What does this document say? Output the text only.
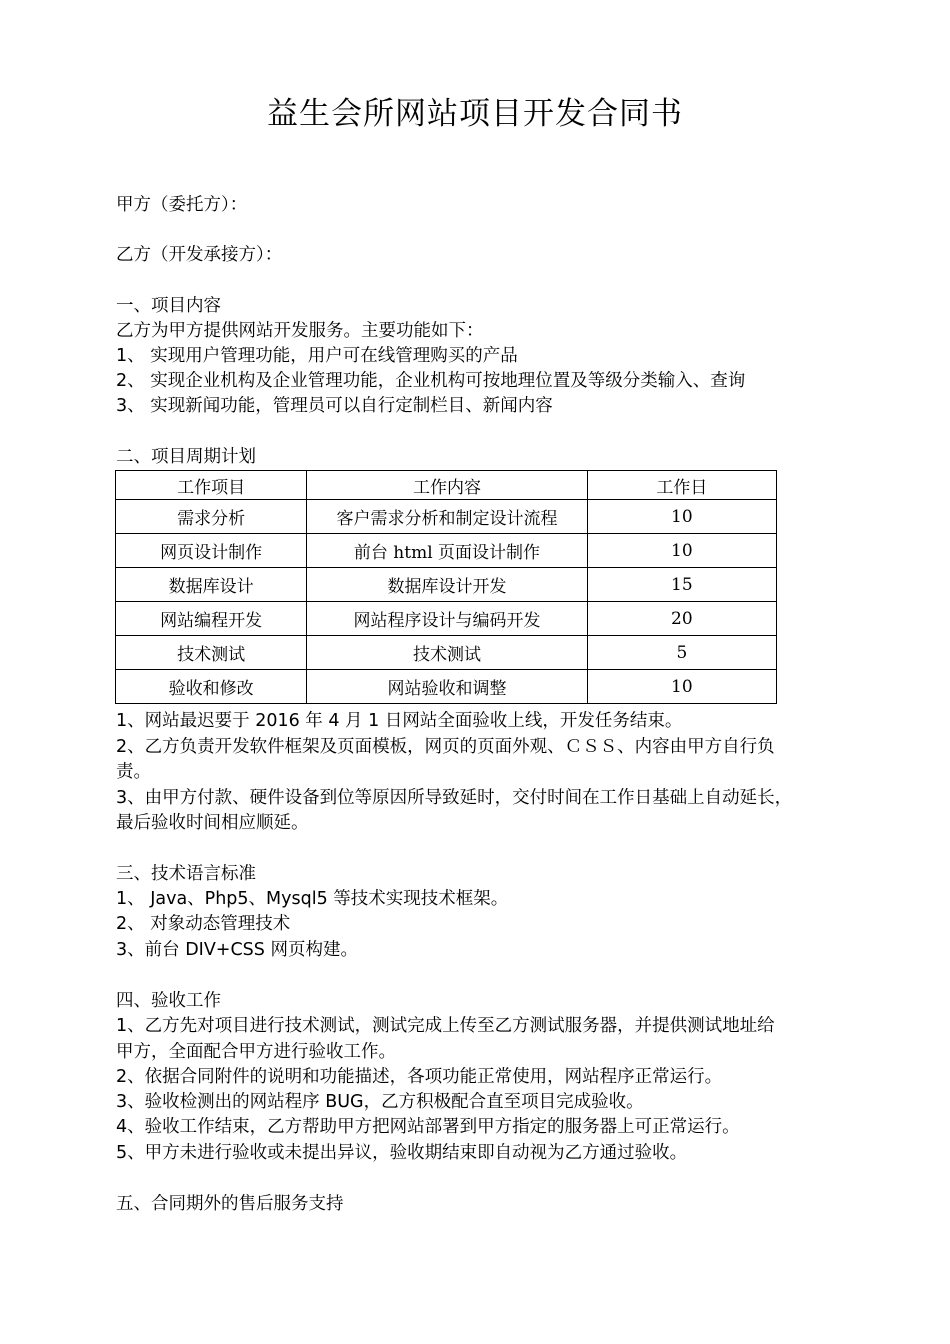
益生会所网站项目开发合同书

甲方（委托方）：

乙方（开发承接方）：

一、项目内容

乙方为甲方提供网站开发服务。主要功能如下：

1、 实现用户管理功能，用户可在线管理购买的产品

2、 实现企业机构及企业管理功能，企业机构可按地理位置及等级分类输入、查询

3、 实现新闻功能，管理员可以自行定制栏目、新闻内容

二、项目周期计划

工作项目	工作内容	工作日
需求分析	客户需求分析和制定设计流程	10
网页设计制作	前台 html 页面设计制作	10
数据库设计	数据库设计开发	15
网站编程开发	网站程序设计与编码开发	20
技术测试	技术测试	5
验收和修改	网站验收和调整	10

1、网站最迟要于 2016 年 4 月 1 日网站全面验收上线，开发任务结束。

2、乙方负责开发软件框架及页面模板，网页的页面外观、ＣＳＳ、内容由甲方自行负

责。

3、由甲方付款、硬件设备到位等原因所导致延时，交付时间在工作日基础上自动延长，

最后验收时间相应顺延。

三、技术语言标准

1、 Java、Php5、Mysql5 等技术实现技术框架。

2、 对象动态管理技术

3、前台 DIV+CSS 网页构建。

四、验收工作

1、乙方先对项目进行技术测试，测试完成上传至乙方测试服务器，并提供测试地址给

甲方，全面配合甲方进行验收工作。

2、依据合同附件的说明和功能描述，各项功能正常使用，网站程序正常运行。

3、验收检测出的网站程序 BUG，乙方积极配合直至项目完成验收。

4、验收工作结束，乙方帮助甲方把网站部署到甲方指定的服务器上可正常运行。

5、甲方未进行验收或未提出异议，验收期结束即自动视为乙方通过验收。

五、合同期外的售后服务支持
